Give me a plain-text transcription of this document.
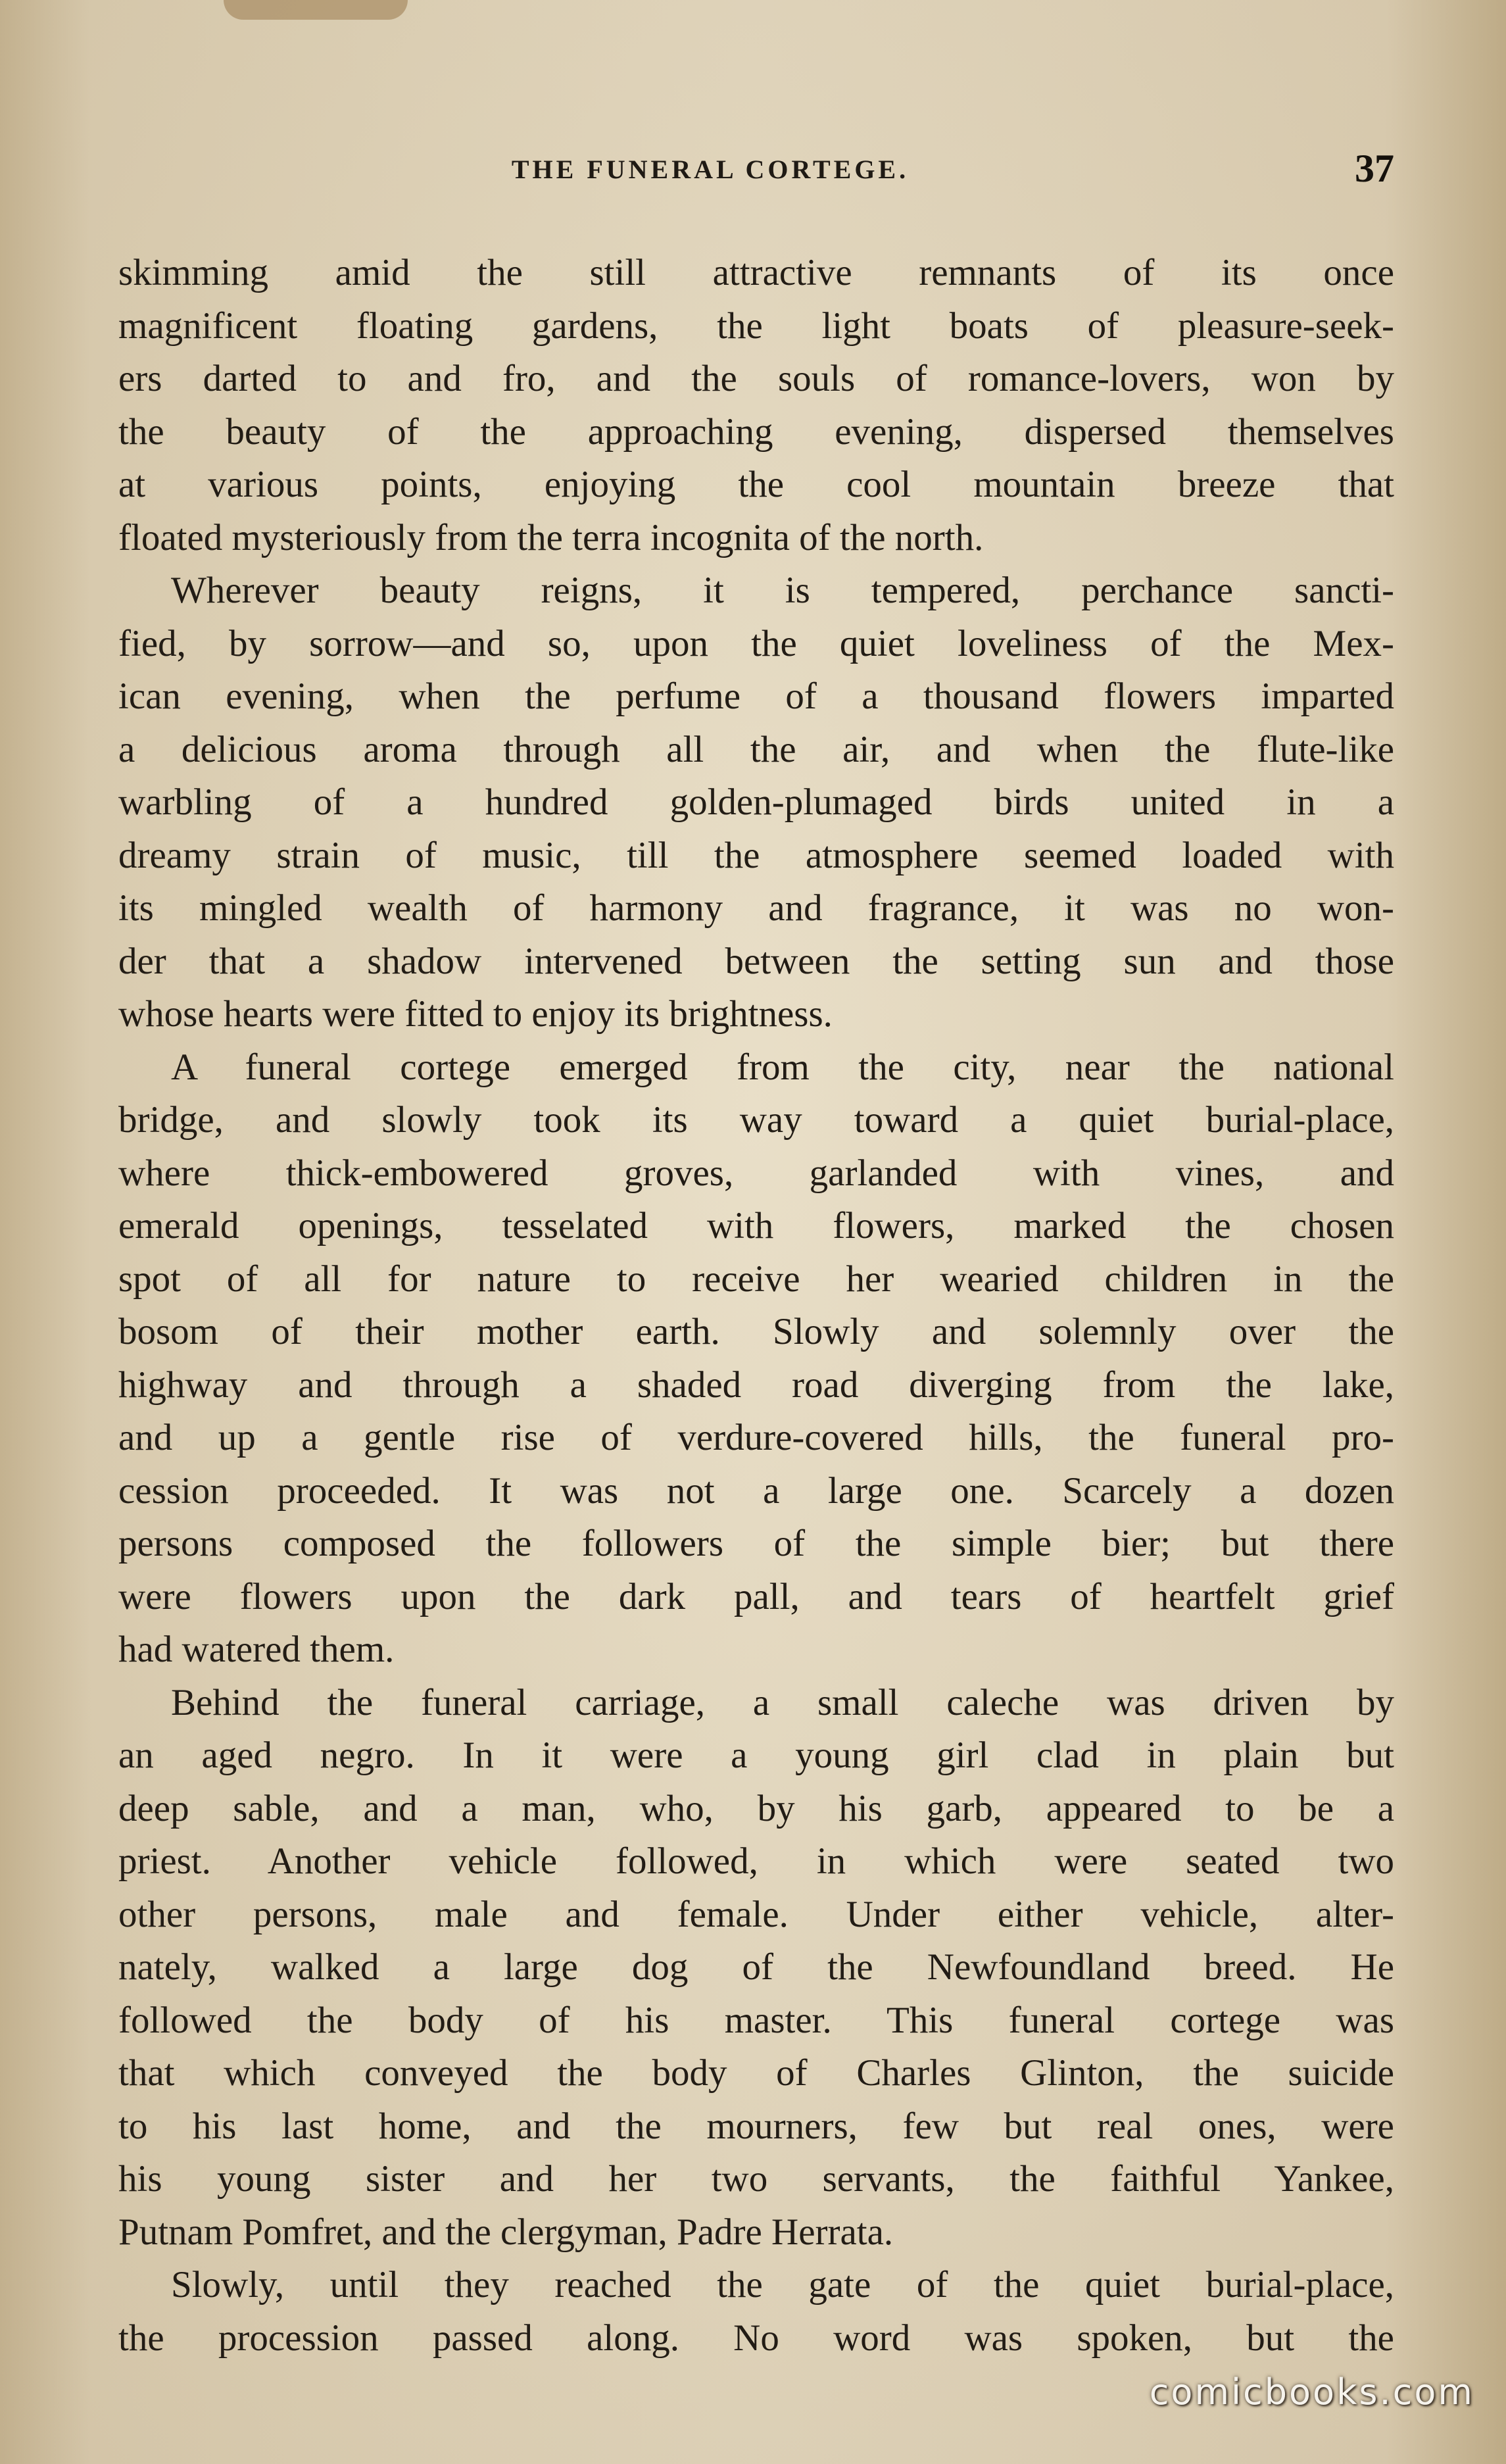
THE FUNERAL CORTEGE.	37
skimming amid the still attractive remnants of its once
magnificent floating gardens, the light boats of pleasure-seek-
ers darted to and fro, and the souls of romance-lovers, won by
the beauty of the approaching evening, dispersed themselves
at various points, enjoying the cool mountain breeze that
floated mysteriously from the terra incognita of the north.
Wherever beauty reigns, it is tempered, perchance sancti-
fied, by sorrow—and so, upon the quiet loveliness of the Mex-
ican evening, when the perfume of a thousand flowers imparted
a delicious aroma through all the air, and when the flute-like
warbling of a hundred golden-plumaged birds united in a
dreamy strain of music, till the atmosphere seemed loaded with
its mingled wealth of harmony and fragrance, it was no won-
der that a shadow intervened between the setting sun and those
whose hearts were fitted to enjoy its brightness.
A funeral cortege emerged from the city, near the national
bridge, and slowly took its way toward a quiet burial-place,
where thick-embowered groves, garlanded with vines, and
emerald openings, tesselated with flowers, marked the chosen
spot of all for nature to receive her wearied children in the
bosom of their mother earth. Slowly and solemnly over the
highway and through a shaded road diverging from the lake,
and up a gentle rise of verdure-covered hills, the funeral pro-
cession proceeded. It was not a large one. Scarcely a dozen
persons composed the followers of the simple bier; but there
were flowers upon the dark pall, and tears of heartfelt grief
had watered them.
Behind the funeral carriage, a small caleche was driven by
an aged negro. In it were a young girl clad in plain but
deep sable, and a man, who, by his garb, appeared to be a
priest. Another vehicle followed, in which were seated two
other persons, male and female. Under either vehicle, alter-
nately, walked a large dog of the Newfoundland breed. He
followed the body of his master. This funeral cortege was
that which conveyed the body of Charles Glinton, the suicide
to his last home, and the mourners, few but real ones, were
his young sister and her two servants, the faithful Yankee,
Putnam Pomfret, and the clergyman, Padre Herrata.
Slowly, until they reached the gate of the quiet burial-place,
the procession passed along. No word was spoken, but the
comicbooks.com
